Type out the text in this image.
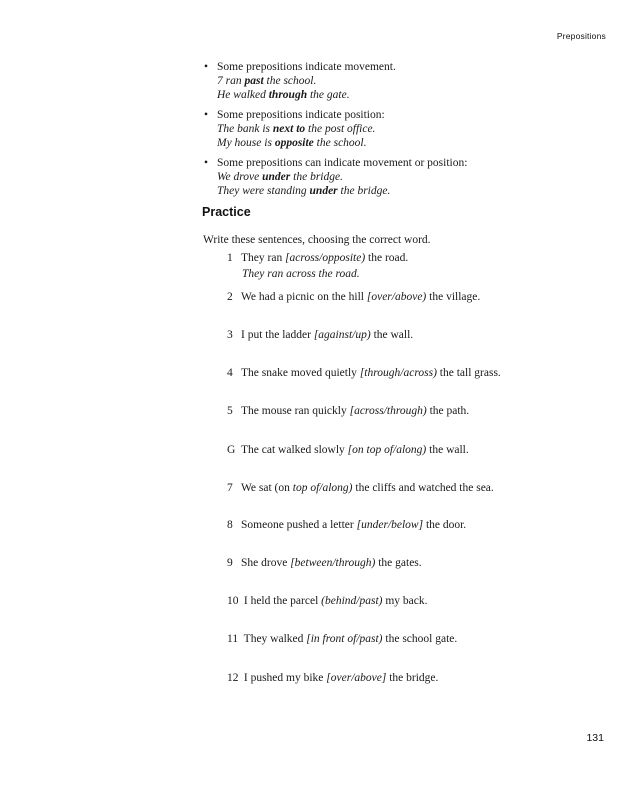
Prepositions
• Some prepositions indicate movement.
7 ran past the school.
He walked through the gate.
• Some prepositions indicate position:
The bank is next to the post office.
My house is opposite the school.
• Some prepositions can indicate movement or position:
We drove under the bridge.
They were standing under the bridge.
Practice
Write these sentences, choosing the correct word.
1 They ran [across/opposite) the road.
They ran across the road.
2 We had a picnic on the hill [over/above) the village.
3 I put the ladder [against/up) the wall.
4 The snake moved quietly [through/across) the tall grass.
5 The mouse ran quickly [across/through) the path.
G The cat walked slowly [on top of/along) the wall.
7 We sat (on top of/along) the cliffs and watched the sea.
8 Someone pushed a letter [under/below] the door.
9 She drove [between/through) the gates.
10 I held the parcel (behind/past) my back.
11 They walked [in front of/past) the school gate.
12 I pushed my bike [over/above] the bridge.
131
